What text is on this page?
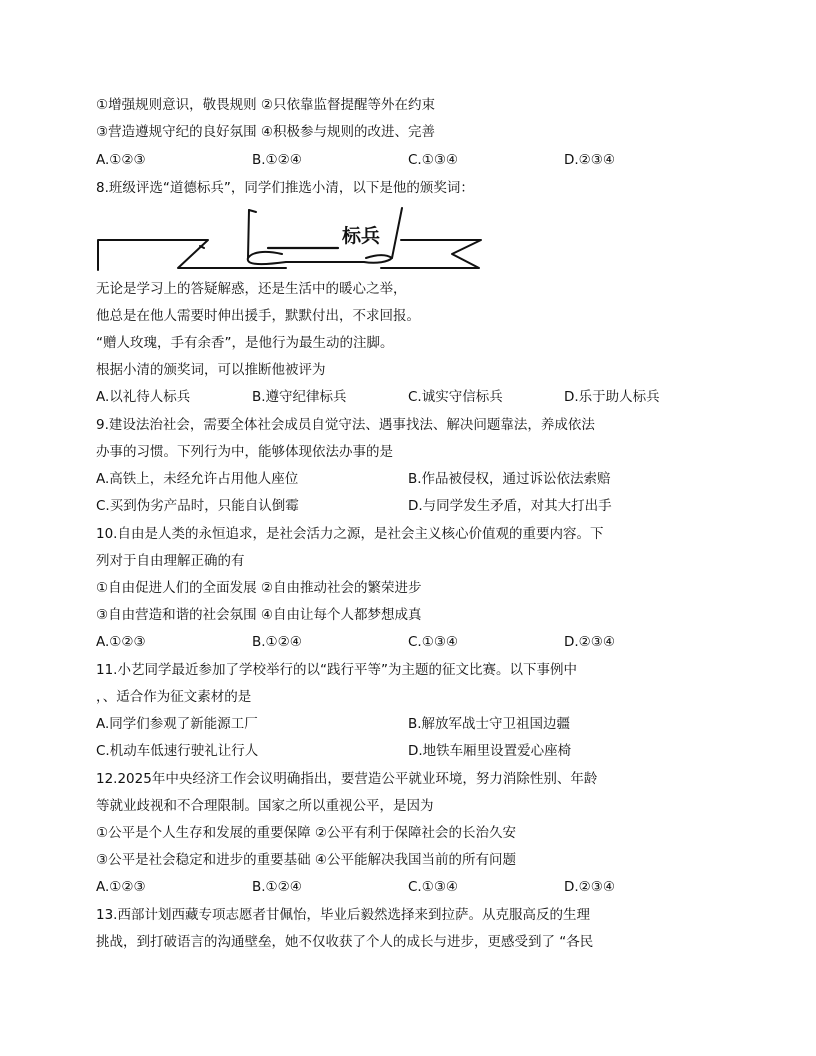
①增强规则意识，敬畏规则 ②只依靠监督提醒等外在约束
③营造遵规守纪的良好氛围 ④积极参与规则的改进、完善
A.①②③	B.①②④	C.①③④	D.②③④
8.班级评选“道德标兵”，同学们推选小清，以下是他的颁奖词：
标兵
无论是学习上的答疑解惑，还是生活中的暖心之举，
他总是在他人需要时伸出援手，默默付出，不求回报。
“赠人玫瑰，手有余香”，是他行为最生动的注脚。
根据小清的颁奖词，可以推断他被评为
A.以礼待人标兵	B.遵守纪律标兵	C.诚实守信标兵	D.乐于助人标兵
9.建设法治社会，需要全体社会成员自觉守法、遇事找法、解决问题靠法，养成依法
办事的习惯。下列行为中，能够体现依法办事的是
A.高铁上，未经允许占用他人座位	B.作品被侵权，通过诉讼依法索赔
C.买到伪劣产品时，只能自认倒霉	D.与同学发生矛盾，对其大打出手
10.自由是人类的永恒追求，是社会活力之源，是社会主义核心价值观的重要内容。下
列对于自由理解正确的有
①自由促进人们的全面发展 ②自由推动社会的繁荣进步
③自由营造和谐的社会氛围 ④自由让每个人都梦想成真
A.①②③	B.①②④	C.①③④	D.②③④
11.小艺同学最近参加了学校举行的以“践行平等”为主题的征文比赛。以下事例中
，、适合作为征文素材的是
A.同学们参观了新能源工厂	B.解放军战士守卫祖国边疆
C.机动车低速行驶礼让行人	D.地铁车厢里设置爱心座椅
12.2025年中央经济工作会议明确指出，要营造公平就业环境，努力消除性别、年龄
等就业歧视和不合理限制。国家之所以重视公平，是因为
①公平是个人生存和发展的重要保障 ②公平有利于保障社会的长治久安
③公平是社会稳定和进步的重要基础 ④公平能解决我国当前的所有问题
A.①②③	B.①②④	C.①③④	D.②③④
13.西部计划西藏专项志愿者甘佩怡，毕业后毅然选择来到拉萨。从克服高反的生理
挑战，到打破语言的沟通壁垒，她不仅收获了个人的成长与进步，更感受到了 “各民
